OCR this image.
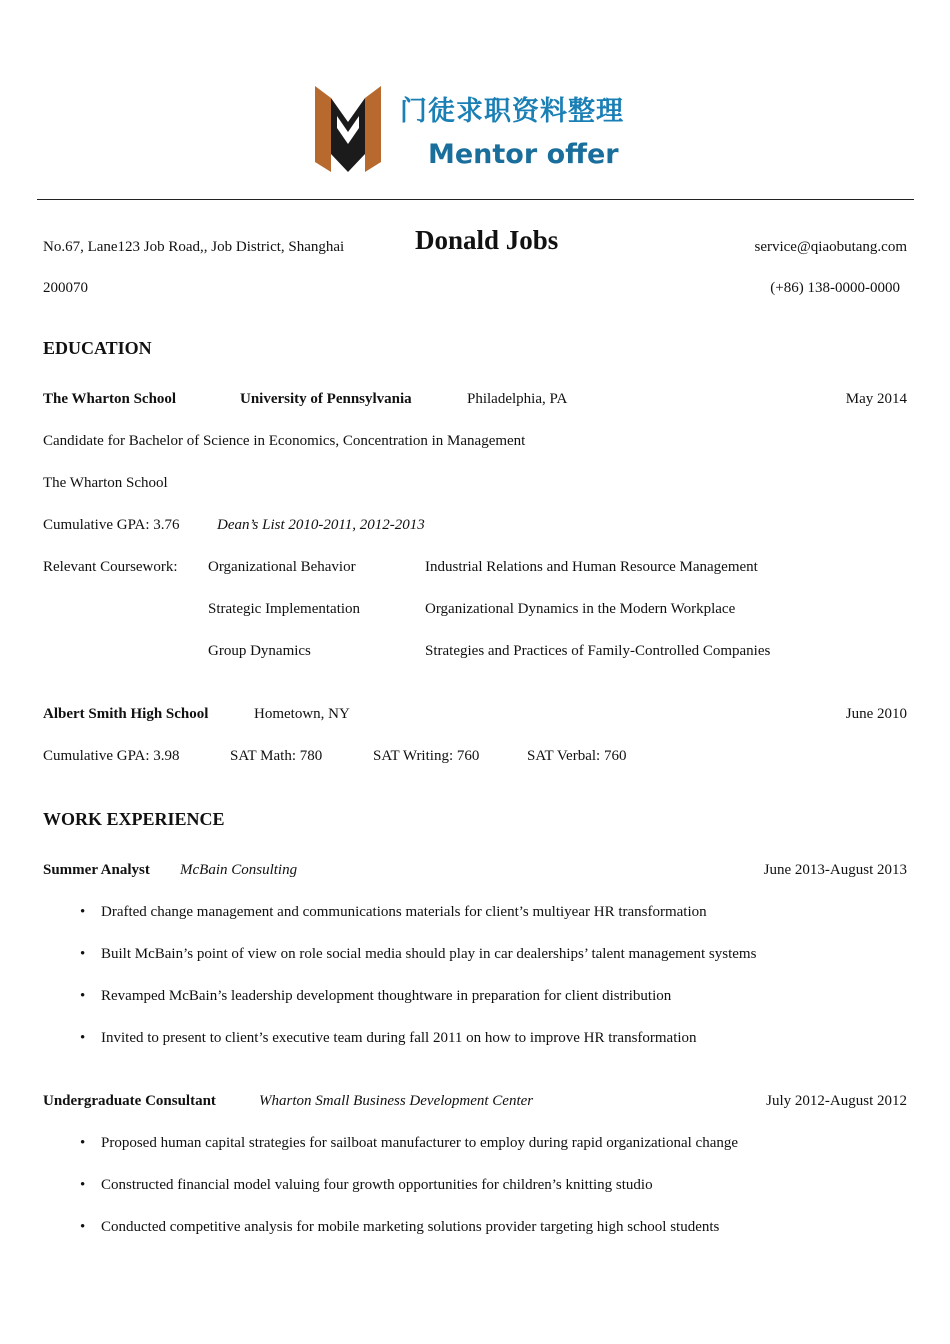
门徒求职资料整理
Mentor offer
No.67, Lane123 Job Road,, Job District, Shanghai	Donald Jobs	service@qiaobutang.com
200070	(+86) 138-0000-0000
EDUCATION
The Wharton School	University of Pennsylvania	Philadelphia, PA	May 2014
Candidate for Bachelor of Science in Economics, Concentration in Management
The Wharton School
Cumulative GPA: 3.76 Dean’s List 2010-2011, 2012-2013
Relevant Coursework: Organizational Behavior	Industrial Relations and Human Resource Management
Strategic Implementation	Organizational Dynamics in the Modern Workplace
Group Dynamics	Strategies and Practices of Family-Controlled Companies
Albert Smith High School	Hometown, NY	June 2010
Cumulative GPA: 3.98	SAT Math: 780	SAT Writing: 760	SAT Verbal: 760
WORK EXPERIENCE
Summer Analyst McBain Consulting	June 2013-August 2013
• Drafted change management and communications materials for client’s multiyear HR transformation
• Built McBain’s point of view on role social media should play in car dealerships’ talent management systems
• Revamped McBain’s leadership development thoughtware in preparation for client distribution
• Invited to present to client’s executive team during fall 2011 on how to improve HR transformation
Undergraduate Consultant	Wharton Small Business Development Center	July 2012-August 2012
• Proposed human capital strategies for sailboat manufacturer to employ during rapid organizational change
• Constructed financial model valuing four growth opportunities for children’s knitting studio
• Conducted competitive analysis for mobile marketing solutions provider targeting high school students
